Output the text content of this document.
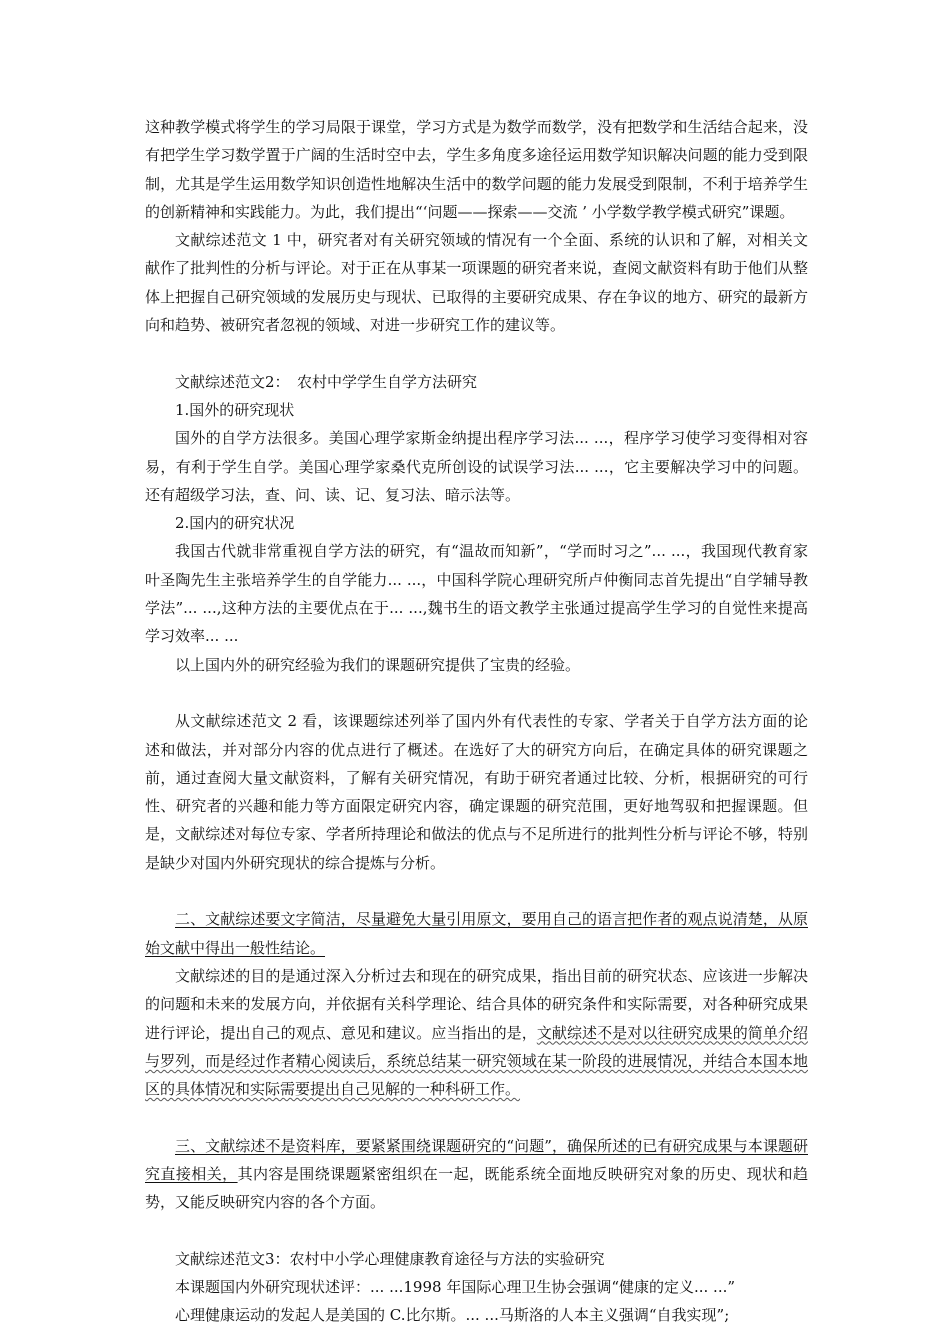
这种教学模式将学生的学习局限于课堂，学习方式是为数学而数学，没有把数学和生活结合起来，没有把学生学习数学置于广阔的生活时空中去，学生多角度多途径运用数学知识解决问题的能力受到限制，尤其是学生运用数学知识创造性地解决生活中的数学问题的能力发展受到限制，不利于培养学生的创新精神和实践能力。为此，我们提出“‘问题——探索——交流 ’ 小学数学教学模式研究”课题。

文献综述范文 1 中，研究者对有关研究领域的情况有一个全面、系统的认识和了解，对相关文献作了批判性的分析与评论。对于正在从事某一项课题的研究者来说，查阅文献资料有助于他们从整体上把握自己研究领域的发展历史与现状、已取得的主要研究成果、存在争议的地方、研究的最新方向和趋势、被研究者忽视的领域、对进一步研究工作的建议等。

文献综述范文2：　农村中学学生自学方法研究

1.国外的研究现状

国外的自学方法很多。美国心理学家斯金纳提出程序学习法... ...，程序学习使学习变得相对容易，有利于学生自学。美国心理学家桑代克所创设的试误学习法... ...，它主要解决学习中的问题。还有超级学习法，查、问、读、记、复习法、暗示法等。

2.国内的研究状况

我国古代就非常重视自学方法的研究，有“温故而知新”，“学而时习之”... ...，我国现代教育家叶圣陶先生主张培养学生的自学能力... ...，中国科学院心理研究所卢仲衡同志首先提出“自学辅导教学法”... ...,这种方法的主要优点在于... ...,魏书生的语文教学主张通过提高学生学习的自觉性来提高学习效率... ...

以上国内外的研究经验为我们的课题研究提供了宝贵的经验。

从文献综述范文 2 看，该课题综述列举了国内外有代表性的专家、学者关于自学方法方面的论述和做法，并对部分内容的优点进行了概述。在选好了大的研究方向后，在确定具体的研究课题之前，通过查阅大量文献资料，了解有关研究情况，有助于研究者通过比较、分析，根据研究的可行性、研究者的兴趣和能力等方面限定研究内容，确定课题的研究范围，更好地驾驭和把握课题。但是，文献综述对每位专家、学者所持理论和做法的优点与不足所进行的批判性分析与评论不够，特别是缺少对国内外研究现状的综合提炼与分析。

二、文献综述要文字简洁，尽量避免大量引用原文，要用自己的语言把作者的观点说清楚，从原始文献中得出一般性结论。

文献综述的目的是通过深入分析过去和现在的研究成果，指出目前的研究状态、应该进一步解决的问题和未来的发展方向，并依据有关科学理论、结合具体的研究条件和实际需要，对各种研究成果进行评论，提出自己的观点、意见和建议。应当指出的是，文献综述不是对以往研究成果的简单介绍与罗列，而是经过作者精心阅读后，系统总结某一研究领域在某一阶段的进展情况，并结合本国本地区的具体情况和实际需要提出自己见解的一种科研工作。

三、文献综述不是资料库，要紧紧围绕课题研究的“问题”，确保所述的已有研究成果与本课题研究直接相关，其内容是围绕课题紧密组织在一起，既能系统全面地反映研究对象的历史、现状和趋势，又能反映研究内容的各个方面。

文献综述范文3：农村中小学心理健康教育途径与方法的实验研究

本课题国内外研究现状述评：... ...1998 年国际心理卫生协会强调“健康的定义... ...”

心理健康运动的发起人是美国的 C.比尔斯。... ...马斯洛的人本主义强调“自我实现”;
